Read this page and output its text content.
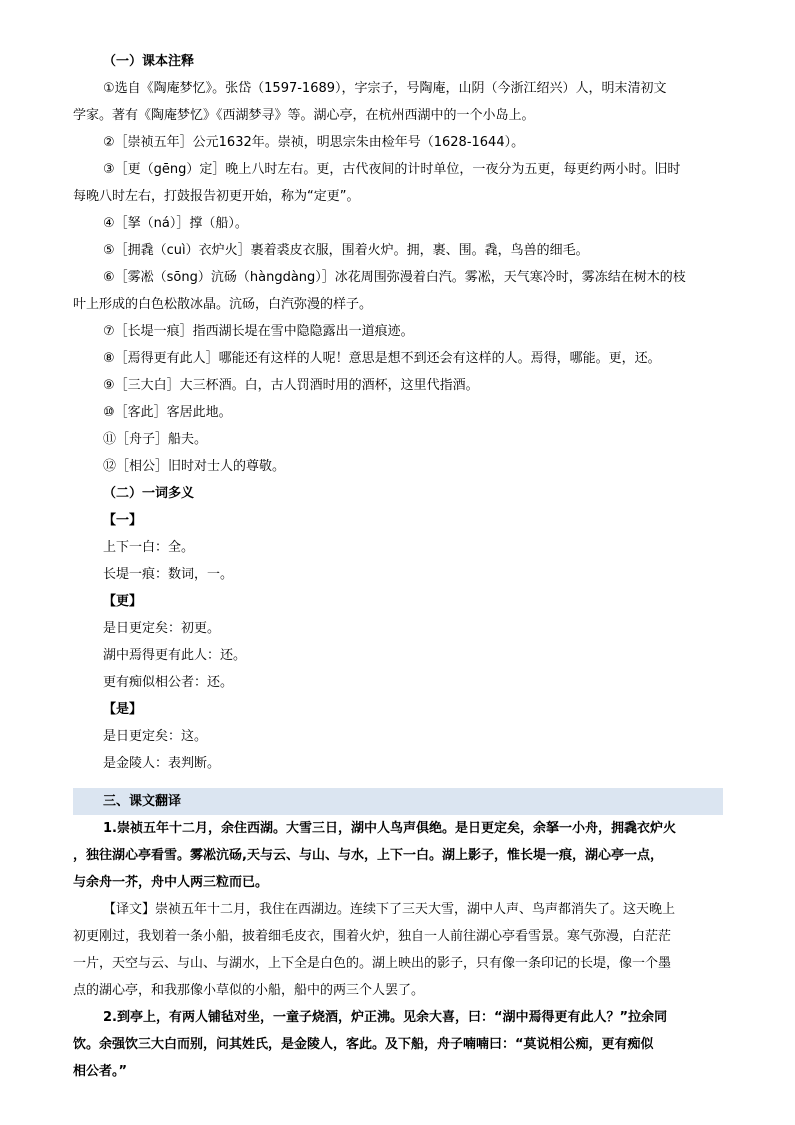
（一）课本注释
①选自《陶庵梦忆》。张岱（1597-1689），字宗子，号陶庵，山阴（今浙江绍兴）人，明末清初文
学家。著有《陶庵梦忆》《西湖梦寻》等。湖心亭，在杭州西湖中的一个小岛上。
②［崇祯五年］公元1632年。崇祯，明思宗朱由检年号（1628-1644）。
③［更（gēng）定］晚上八时左右。更，古代夜间的计时单位，一夜分为五更，每更约两小时。旧时
每晚八时左右，打鼓报告初更开始，称为“定更”。
④［拏（ná）］撑（船）。
⑤［拥毳（cuì）衣炉火］裹着裘皮衣服，围着火炉。拥，裹、围。毳，鸟兽的细毛。
⑥［雾凇（sōng）沆砀（hàngdàng）］冰花周围弥漫着白汽。雾凇，天气寒冷时，雾冻结在树木的枝
叶上形成的白色松散冰晶。沆砀，白汽弥漫的样子。
⑦［长堤一痕］指西湖长堤在雪中隐隐露出一道痕迹。
⑧［焉得更有此人］哪能还有这样的人呢！意思是想不到还会有这样的人。焉得，哪能。更，还。
⑨［三大白］大三杯酒。白，古人罚酒时用的酒杯，这里代指酒。
⑩［客此］客居此地。
⑪［舟子］船夫。
⑫［相公］旧时对士人的尊敬。
（二）一词多义
【一】
上下一白：全。
长堤一痕：数词，一。
【更】
是日更定矣：初更。
湖中焉得更有此人：还。
更有痴似相公者：还。
【是】
是日更定矣：这。
是金陵人：表判断。
三、课文翻译
1.崇祯五年十二月，余住西湖。大雪三日，湖中人鸟声俱绝。是日更定矣，余拏一小舟，拥毳衣炉火
，独往湖心亭看雪。雾凇沆砀,天与云、与山、与水，上下一白。湖上影子，惟长堤一痕，湖心亭一点，
与余舟一芥，舟中人两三粒而已。
【译文】崇祯五年十二月，我住在西湖边。连续下了三天大雪，湖中人声、鸟声都消失了。这天晚上
初更刚过，我划着一条小船，披着细毛皮衣，围着火炉，独自一人前往湖心亭看雪景。寒气弥漫，白茫茫
一片，天空与云、与山、与湖水，上下全是白色的。湖上映出的影子，只有像一条印记的长堤，像一个墨
点的湖心亭，和我那像小草似的小船，船中的两三个人罢了。
2.到亭上，有两人铺毡对坐，一童子烧酒，炉正沸。见余大喜，曰：“湖中焉得更有此人？”拉余同
饮。余强饮三大白而别，问其姓氏，是金陵人，客此。及下船，舟子喃喃曰：“莫说相公痴，更有痴似
相公者。”
